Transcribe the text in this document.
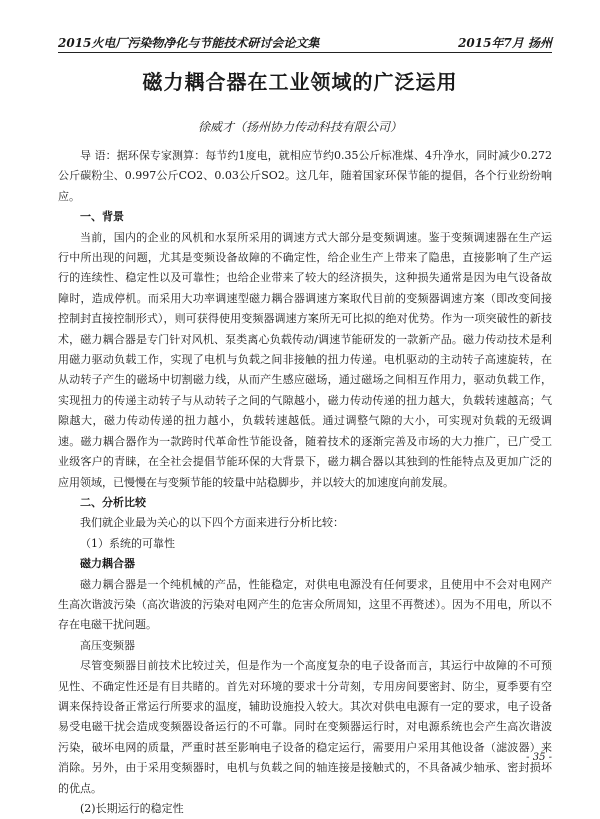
2015火电厂污染物净化与节能技术研讨会论文集	2015年7月 扬州
磁力耦合器在工业领域的广泛运用
徐威才（扬州协力传动科技有限公司）

导 语：据环保专家测算：每节约1度电，就相应节约0.35公斤标准煤、4升净水，同时减少0.272公斤碳粉尘、0.997公斤CO2、0.03公斤SO2。这几年，随着国家环保节能的提倡，各个行业纷纷响应。

一、背景

当前，国内的企业的风机和水泵所采用的调速方式大部分是变频调速。鉴于变频调速器在生产运行中所出现的问题，尤其是变频设备故障的不确定性，给企业生产上带来了隐患，直接影响了生产运行的连续性、稳定性以及可靠性；也给企业带来了较大的经济损失，这种损失通常是因为电气设备故障时，造成停机。而采用大功率调速型磁力耦合器调速方案取代目前的变频器调速方案（即改变间接控制封直接控制形式），则可获得使用变频器调速方案所无可比拟的绝对优势。作为一项突破性的新技术，磁力耦合器是专门针对风机、泵类离心负载传动/调速节能研发的一款新产品。磁力传动技术是利用磁力驱动负载工作，实现了电机与负载之间非接触的扭力传递。电机驱动的主动转子高速旋转，在从动转子产生的磁场中切割磁力线，从而产生感应磁场，通过磁场之间相互作用力，驱动负载工作，实现扭力的传递主动转子与从动转子之间的气隙越小，磁力传动传递的扭力越大，负载转速越高；气隙越大，磁力传动传递的扭力越小，负载转速越低。通过调整气隙的大小，可实现对负载的无级调速。磁力耦合器作为一款跨时代革命性节能设备，随着技术的逐渐完善及市场的大力推广，已广受工业级客户的青睐，在全社会提倡节能环保的大背景下，磁力耦合器以其独到的性能特点及更加广泛的应用领域，已慢慢在与变频节能的较量中站稳脚步，并以较大的加速度向前发展。

二、分析比较

我们就企业最为关心的以下四个方面来进行分析比较：

（1）系统的可靠性

磁力耦合器

磁力耦合器是一个纯机械的产品，性能稳定，对供电电源没有任何要求，且使用中不会对电网产生高次谐波污染（高次谐波的污染对电网产生的危害众所周知，这里不再赘述）。因为不用电，所以不存在电磁干扰问题。

高压变频器

尽管变频器目前技术比较过关，但是作为一个高度复杂的电子设备而言，其运行中故障的不可预见性、不确定性还是有目共睹的。首先对环境的要求十分苛刻，专用房间要密封、防尘，夏季要有空调来保持设备正常运行所要求的温度，辅助设施投入较大。其次对供电电源有一定的要求，电子设备易受电磁干扰会造成变频器设备运行的不可靠。同时在变频器运行时，对电源系统也会产生高次谐波污染，破坏电网的质量，严重时甚至影响电子设备的稳定运行，需要用户采用其他设备（滤波器）来消除。另外，由于采用变频器时，电机与负载之间的轴连接是接触式的，不具备减少轴承、密封损坏的优点。

(2)长期运行的稳定性

- 35 -
